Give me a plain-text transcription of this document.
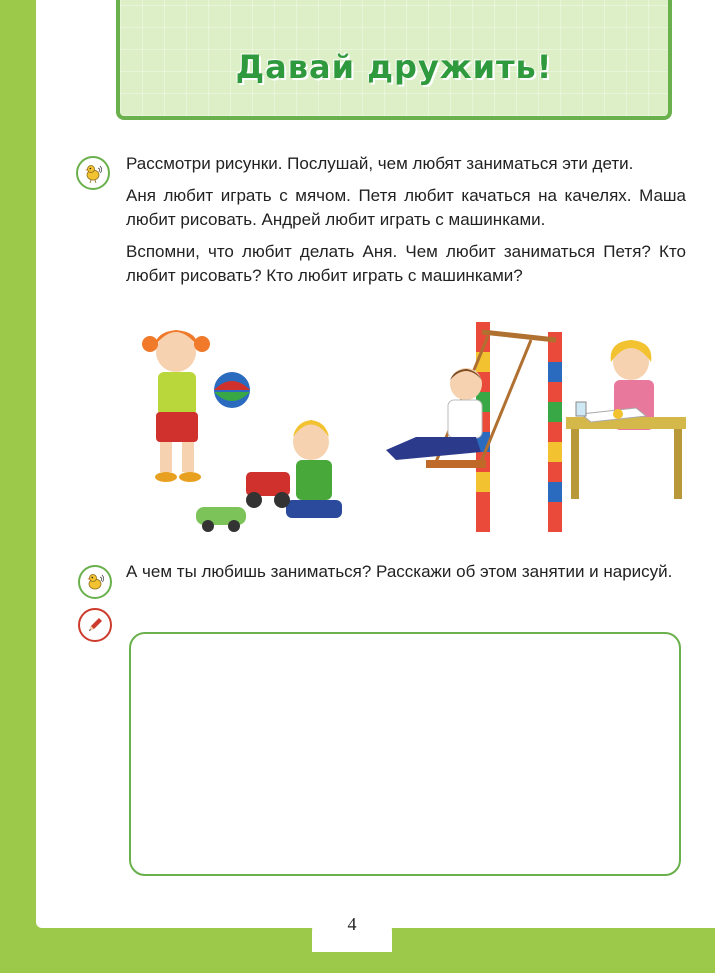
Давай дружить!

Рассмотри рисунки. Послушай, чем любят заниматься эти дети.

Аня любит играть с мячом. Петя любит качаться на качелях. Маша любит рисовать. Андрей любит играть с машинками.

Вспомни, что любит делать Аня. Чем любит заниматься Петя? Кто любит рисовать? Кто любит играть с машинками?

А чем ты любишь заниматься? Расскажи об этом занятии и нарисуй.

4
